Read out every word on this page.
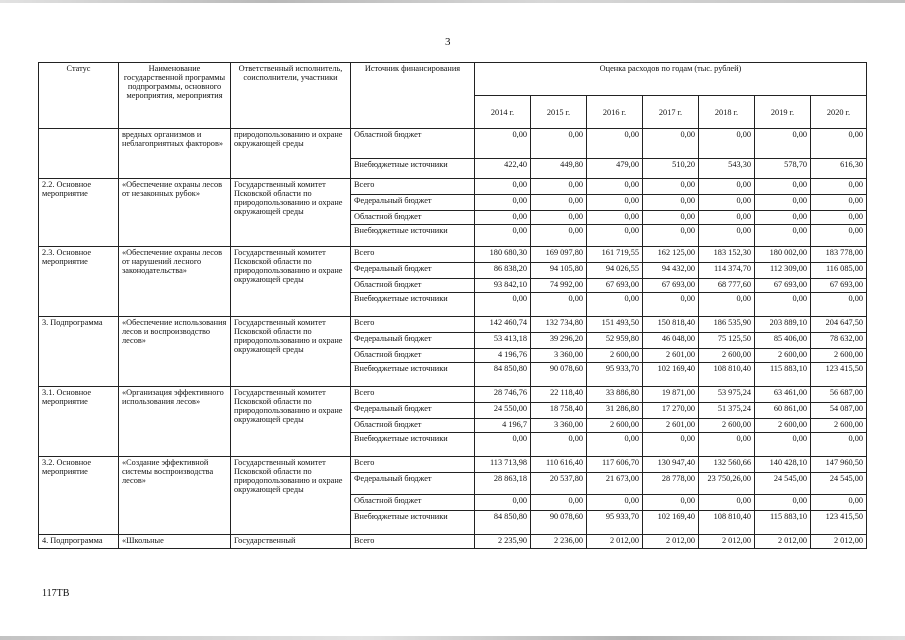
3
Статус	Наименование государственной программы подпрограммы, основного мероприятия, мероприятия	Ответственный исполнитель, соисполнители, участники	Источник финансирования	Оценка расходов по годам (тыс. рублей)						
				2014 г.	2015 г.	2016 г.	2017 г.	2018 г.	2019 г.	2020 г.
	вредных организмов и неблагоприятных факторов»	природопользованию и охране окружающей среды	Областной бюджет	0,00	0,00	0,00	0,00	0,00	0,00	0,00
			Внебюджетные источники	422,40	449,80	479,00	510,20	543,30	578,70	616,30
2.2. Основное мероприятие	«Обеспечение охраны лесов от незаконных рубок»	Государственный комитет Псковской области по природопользованию и охране окружающей среды	Всего	0,00	0,00	0,00	0,00	0,00	0,00	0,00
			Федеральный бюджет	0,00	0,00	0,00	0,00	0,00	0,00	0,00
			Областной бюджет	0,00	0,00	0,00	0,00	0,00	0,00	0,00
			Внебюджетные источники	0,00	0,00	0,00	0,00	0,00	0,00	0,00
2.3. Основное мероприятие	«Обеспечение охраны лесов от нарушений лесного законодательства»	Государственный комитет Псковской области по природопользованию и охране окружающей среды	Всего	180 680,30	169 097,80	161 719,55	162 125,00	183 152,30	180 002,00	183 778,00
			Федеральный бюджет	86 838,20	94 105,80	94 026,55	94 432,00	114 374,70	112 309,00	116 085,00
			Областной бюджет	93 842,10	74 992,00	67 693,00	67 693,00	68 777,60	67 693,00	67 693,00
			Внебюджетные источники	0,00	0,00	0,00	0,00	0,00	0,00	0,00
3. Подпрограмма	«Обеспечение использования лесов и воспроизводство лесов»	Государственный комитет Псковской области по природопользованию и охране окружающей среды	Всего	142 460,74	132 734,80	151 493,50	150 818,40	186 535,90	203 889,10	204 647,50
			Федеральный бюджет	53 413,18	39 296,20	52 959,80	46 048,00	75 125,50	85 406,00	78 632,00
			Областной бюджет	4 196,76	3 360,00	2 600,00	2 601,00	2 600,00	2 600,00	2 600,00
			Внебюджетные источники	84 850,80	90 078,60	95 933,70	102 169,40	108 810,40	115 883,10	123 415,50
3.1. Основное мероприятие	«Организация эффективного использования лесов»	Государственный комитет Псковской области по природопользованию и охране окружающей среды	Всего	28 746,76	22 118,40	33 886,80	19 871,00	53 975,24	63 461,00	56 687,00
			Федеральный бюджет	24 550,00	18 758,40	31 286,80	17 270,00	51 375,24	60 861,00	54 087,00
			Областной бюджет	4 196,7	3 360,00	2 600,00	2 601,00	2 600,00	2 600,00	2 600,00
			Внебюджетные источники	0,00	0,00	0,00	0,00	0,00	0,00	0,00
3.2. Основное мероприятие	«Создание эффективной системы воспроизводства лесов»	Государственный комитет Псковской области по природопользованию и охране окружающей среды	Всего	113 713,98	110 616,40	117 606,70	130 947,40	132 560,66	140 428,10	147 960,50
			Федеральный бюджет	28 863,18	20 537,80	21 673,00	28 778,00	23 750,26,00	24 545,00	24 545,00
			Областной бюджет	0,00	0,00	0,00	0,00	0,00	0,00	0,00
			Внебюджетные источники	84 850,80	90 078,60	95 933,70	102 169,40	108 810,40	115 883,10	123 415,50
4. Подпрограмма	«Школьные	Государственный	Всего	2 235,90	2 236,00	2 012,00	2 012,00	2 012,00	2 012,00	2 012,00
117ТВ
